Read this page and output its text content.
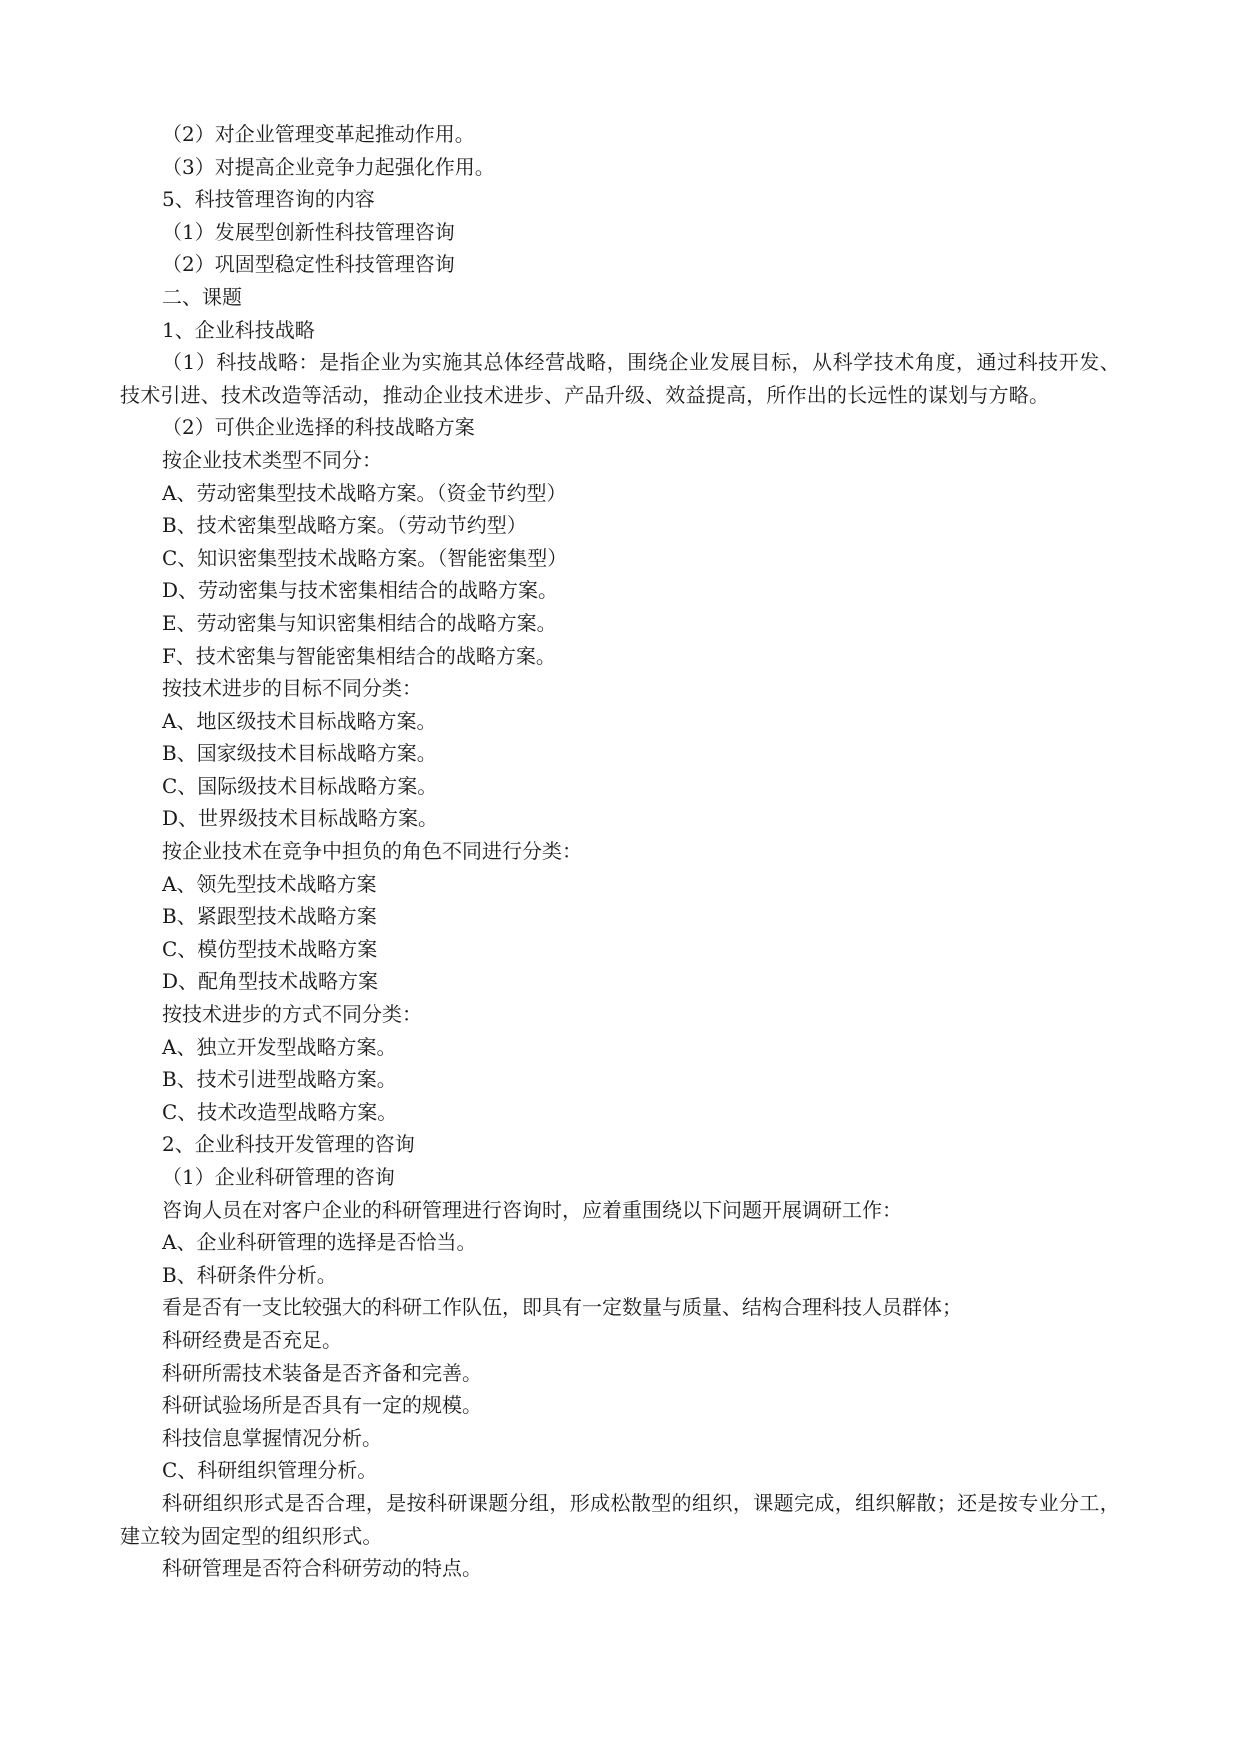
（2）对企业管理变革起推动作用。

（3）对提高企业竞争力起强化作用。

5、科技管理咨询的内容

（1）发展型创新性科技管理咨询

（2）巩固型稳定性科技管理咨询

二、课题

1、企业科技战略

（1）科技战略：是指企业为实施其总体经营战略，围绕企业发展目标，从科学技术角度，通过科技开发、技术引进、技术改造等活动，推动企业技术进步、产品升级、效益提高，所作出的长远性的谋划与方略。

（2）可供企业选择的科技战略方案

按企业技术类型不同分：

A、劳动密集型技术战略方案。（资金节约型）

B、技术密集型战略方案。（劳动节约型）

C、知识密集型技术战略方案。（智能密集型）

D、劳动密集与技术密集相结合的战略方案。

E、劳动密集与知识密集相结合的战略方案。

F、技术密集与智能密集相结合的战略方案。

按技术进步的目标不同分类：

A、地区级技术目标战略方案。

B、国家级技术目标战略方案。

C、国际级技术目标战略方案。

D、世界级技术目标战略方案。

按企业技术在竞争中担负的角色不同进行分类：

A、领先型技术战略方案

B、紧跟型技术战略方案

C、模仿型技术战略方案

D、配角型技术战略方案

按技术进步的方式不同分类：

A、独立开发型战略方案。

B、技术引进型战略方案。

C、技术改造型战略方案。

2、企业科技开发管理的咨询

（1）企业科研管理的咨询

咨询人员在对客户企业的科研管理进行咨询时，应着重围绕以下问题开展调研工作：

A、企业科研管理的选择是否恰当。

B、科研条件分析。

看是否有一支比较强大的科研工作队伍，即具有一定数量与质量、结构合理科技人员群体；

科研经费是否充足。

科研所需技术装备是否齐备和完善。

科研试验场所是否具有一定的规模。

科技信息掌握情况分析。

C、科研组织管理分析。

科研组织形式是否合理，是按科研课题分组，形成松散型的组织，课题完成，组织解散；还是按专业分工，建立较为固定型的组织形式。

科研管理是否符合科研劳动的特点。
